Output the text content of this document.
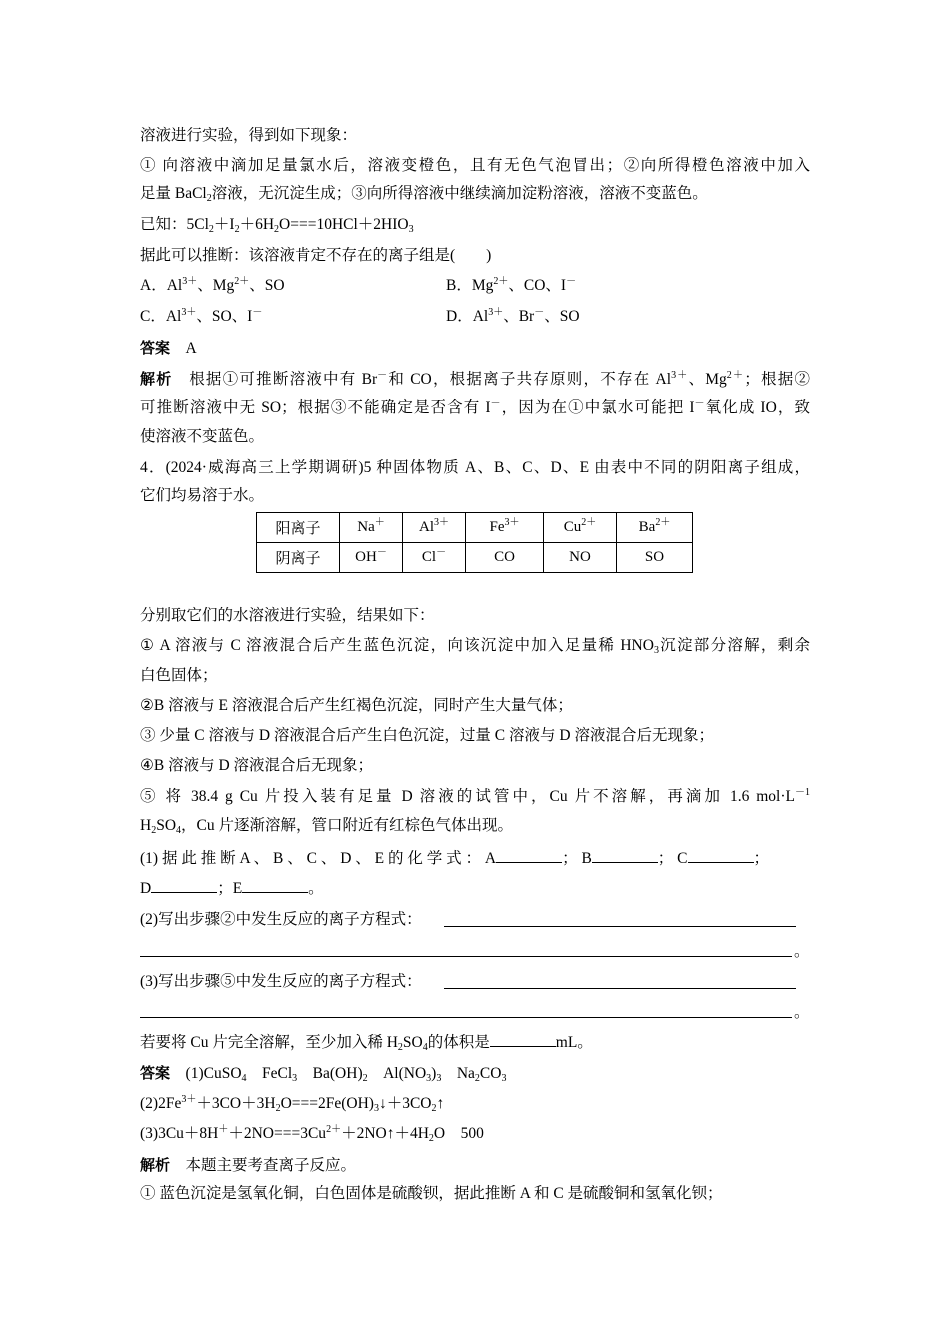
溶液进行实验，得到如下现象：
① 向溶液中滴加足量氯水后，溶液变橙色，且有无色气泡冒出；②向所得橙色溶液中加入
足量 BaCl$_2$溶液，无沉淀生成；③向所得溶液中继续滴加淀粉溶液，溶液不变蓝色。
已知：$5Cl_2+I_2+6H_2O===10HCl+2HIO_3$
据此可以推断：该溶液肯定不存在的离子组是(　　)
A．$Al^{3+}$、$Mg^{2+}$、SO	B．$Mg^{2+}$、CO、I－
C．$Al^{3+}$、SO、I－	D．$Al^{3+}$、Br－、SO
答案　 A
解析　 根据①可推断溶液中有 Br－和 CO，根据离子共存原则，不存在 $Al^{3+}$、$Mg^{2+}$；根据②
可推断溶液中无 SO；根据③不能确定是否含有 I－，因为在①中氯水可能把 I－氧化成 IO，致
使溶液不变蓝色。
4．(2024·威海高三上学期调研)5 种固体物质 A、B、C、D、E 由表中不同的阴阳离子组成，
它们均易溶于水。
阳离子	Na＋	$Al^{3+}$	$Fe^{3+}$	$Cu^{2+}$	$Ba^{2+}$
阴离子	OH－	Cl－	CO	NO	SO
分别取它们的水溶液进行实验，结果如下：
① A 溶液与 C 溶液混合后产生蓝色沉淀，向该沉淀中加入足量稀 $HNO_3$沉淀部分溶解，剩余
白色固体；
②B 溶液与 E 溶液混合后产生红褐色沉淀，同时产生大量气体；
③ 少量 C 溶液与 D 溶液混合后产生白色沉淀，过量 C 溶液与 D 溶液混合后无现象；
④B 溶液与 D 溶液混合后无现象；
⑤ 将 38.4 g Cu 片投入装有足量 D 溶液的试管中，Cu 片不溶解，再滴加 1.6 $mol\cdot L^{-1}$
$H_2SO_4$，Cu 片逐渐溶解，管口附近有红棕色气体出现。
(1) 据 此 推 断 A 、 B 、 C 、 D 、 E 的 化 学 式 ： A	； B	； C	；
D	；E	。
(2)写出步骤②中发生反应的离子方程式：
。
(3)写出步骤⑤中发生反应的离子方程式：
。
若要将 Cu 片完全溶解，至少加入稀 $H_2SO_4$的体积是	mL。
答案　 (1)CuSO$_4$　FeCl$_3$　$Ba(OH)_2$　$Al(NO_3)_3$　$Na_2CO_3$
$(2)2Fe^{3+}+3CO+3H_2O===2Fe(OH)_3↓+3CO_2↑$
$(3)3Cu+8H^++2NO===3Cu^{2+}+2NO↑+4H_2O$　500
解析　 本题主要考查离子反应。
① 蓝色沉淀是氢氧化铜，白色固体是硫酸钡，据此推断 A 和 C 是硫酸铜和氢氧化钡；
